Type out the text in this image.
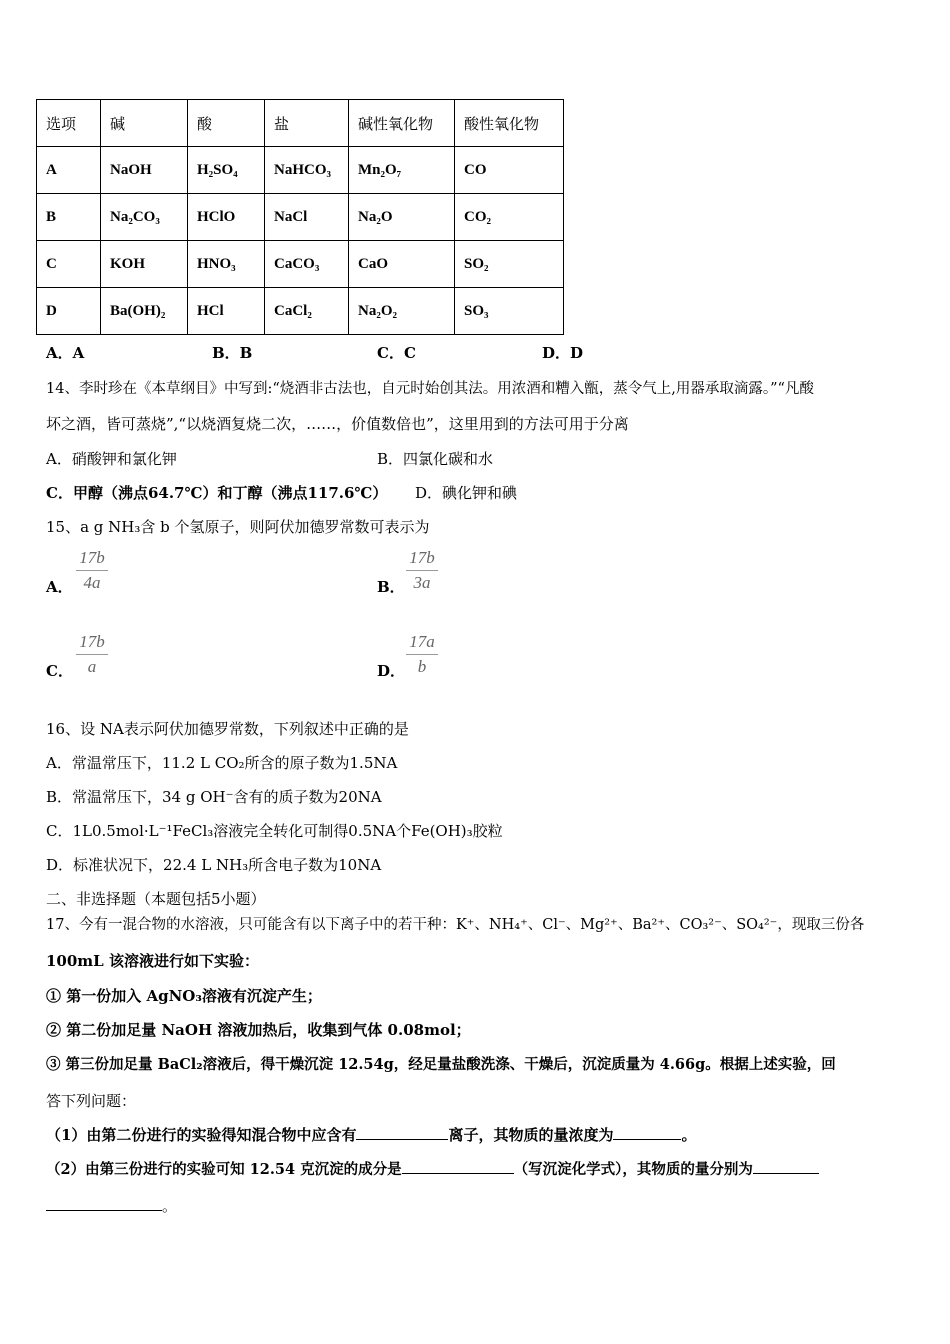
选项	碱	酸	盐	碱性氧化物	酸性氧化物
A	NaOH	H₂SO₄	NaHCO₃	Mn₂O₇	CO
B	Na₂CO₃	HClO	NaCl	Na₂O	CO₂
C	KOH	HNO₃	CaCO₃	CaO	SO₂
D	Ba(OH)₂	HCl	CaCl₂	Na₂O₂	SO₃
A．A	B．B	C．C	D．D
14、李时珍在《本草纲目》中写到:“烧酒非古法也，自元时始创其法。用浓酒和糟入甑，蒸令气上,用器承取滴露。”“凡酸
坏之酒，皆可蒸烧”,“以烧酒复烧二次，……，价值数倍也”，这里用到的方法可用于分离
A．硝酸钾和氯化钾	B．四氯化碳和水
C．甲醇（沸点64.7℃）和丁醇（沸点117.6℃） D．碘化钾和碘
15、a g NH₃含 b 个氢原子，则阿伏加德罗常数可表示为
A． $\frac{17b}{4a}$	B． $\frac{17b}{3a}$
C． $\frac{17b}{a}$	D． $\frac{17a}{b}$
16、设 NA表示阿伏加德罗常数，下列叙述中正确的是
A．常温常压下，11.2 L CO₂所含的原子数为1.5NA
B．常温常压下，34 g OH⁻含有的质子数为20NA
C．1L0.5mol·L⁻¹FeCl₃溶液完全转化可制得0.5NA个Fe(OH)₃胶粒
D．标准状况下，22.4 L NH₃所含电子数为10NA
二、非选择题（本题包括5小题）
17、今有一混合物的水溶液，只可能含有以下离子中的若干种：K⁺、NH₄⁺、Cl⁻、Mg²⁺、Ba²⁺、CO₃²⁻、SO₄²⁻，现取三份各
100mL 该溶液进行如下实验：
① 第一份加入 AgNO₃溶液有沉淀产生；
② 第二份加足量 NaOH 溶液加热后，收集到气体 0.08mol；
③ 第三份加足量 BaCl₂溶液后，得干燥沉淀 12.54g，经足量盐酸洗涤、干燥后，沉淀质量为 4.66g。根据上述实验，回
答下列问题：
（1）由第二份进行的实验得知混合物中应含有	离子，其物质的量浓度为	。
（2）由第三份进行的实验可知 12.54 克沉淀的成分是	（写沉淀化学式），其物质的量分别为
。
